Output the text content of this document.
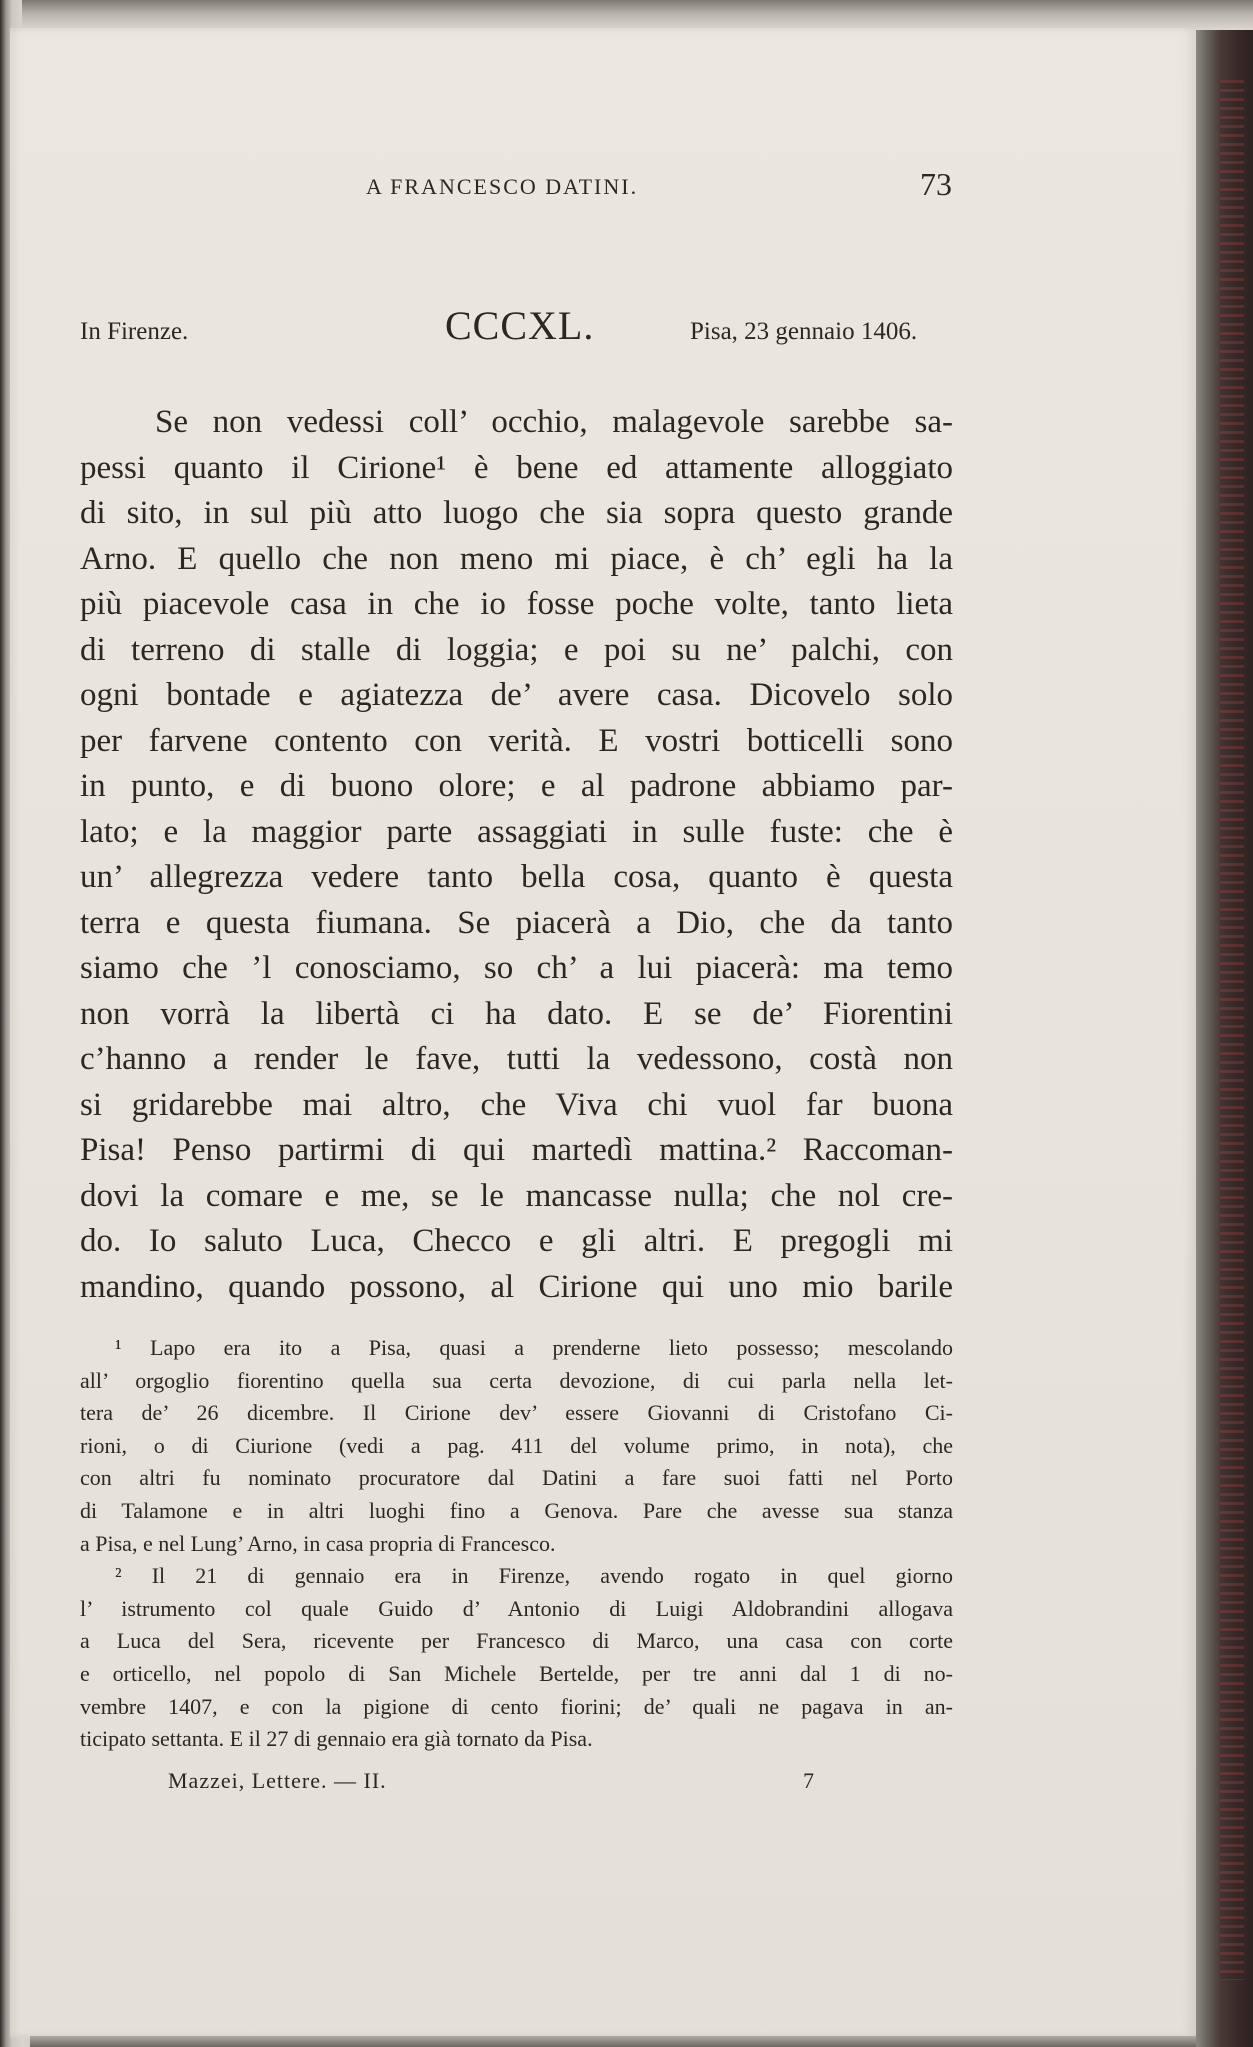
A FRANCESCO DATINI.	73
In Firenze.	CCCXL.	Pisa, 23 gennaio 1406.
Se non vedessi coll’ occhio, malagevole sarebbe sa-
pessi quanto il Cirione¹ è bene ed attamente alloggiato
di sito, in sul più atto luogo che sia sopra questo grande
Arno. E quello che non meno mi piace, è ch’ egli ha la
più piacevole casa in che io fosse poche volte, tanto lieta
di terreno di stalle di loggia; e poi su ne’ palchi, con
ogni bontade e agiatezza de’ avere casa. Dicovelo solo
per farvene contento con verità. E vostri botticelli sono
in punto, e di buono olore; e al padrone abbiamo par-
lato; e la maggior parte assaggiati in sulle fuste: che è
un’ allegrezza vedere tanto bella cosa, quanto è questa
terra e questa fiumana. Se piacerà a Dio, che da tanto
siamo che ’l conosciamo, so ch’ a lui piacerà: ma temo
non vorrà la libertà ci ha dato. E se de’ Fiorentini
c’hanno a render le fave, tutti la vedessono, costà non
si gridarebbe mai altro, che Viva chi vuol far buona
Pisa! Penso partirmi di qui martedì mattina.² Raccoman-
dovi la comare e me, se le mancasse nulla; che nol cre-
do. Io saluto Luca, Checco e gli altri. E pregogli mi
mandino, quando possono, al Cirione qui uno mio barile
¹ Lapo era ito a Pisa, quasi a prenderne lieto possesso; mescolando
all’ orgoglio fiorentino quella sua certa devozione, di cui parla nella let-
tera de’ 26 dicembre. Il Cirione dev’ essere Giovanni di Cristofano Ci-
rioni, o di Ciurione (vedi a pag. 411 del volume primo, in nota), che
con altri fu nominato procuratore dal Datini a fare suoi fatti nel Porto
di Talamone e in altri luoghi fino a Genova. Pare che avesse sua stanza
a Pisa, e nel Lung’ Arno, in casa propria di Francesco.
² Il 21 di gennaio era in Firenze, avendo rogato in quel giorno
l’ istrumento col quale Guido d’ Antonio di Luigi Aldobrandini allogava
a Luca del Sera, ricevente per Francesco di Marco, una casa con corte
e orticello, nel popolo di San Michele Bertelde, per tre anni dal 1 di no-
vembre 1407, e con la pigione di cento fiorini; de’ quali ne pagava in an-
ticipato settanta. E il 27 di gennaio era già tornato da Pisa.
Mazzei, Lettere. — II.	7
